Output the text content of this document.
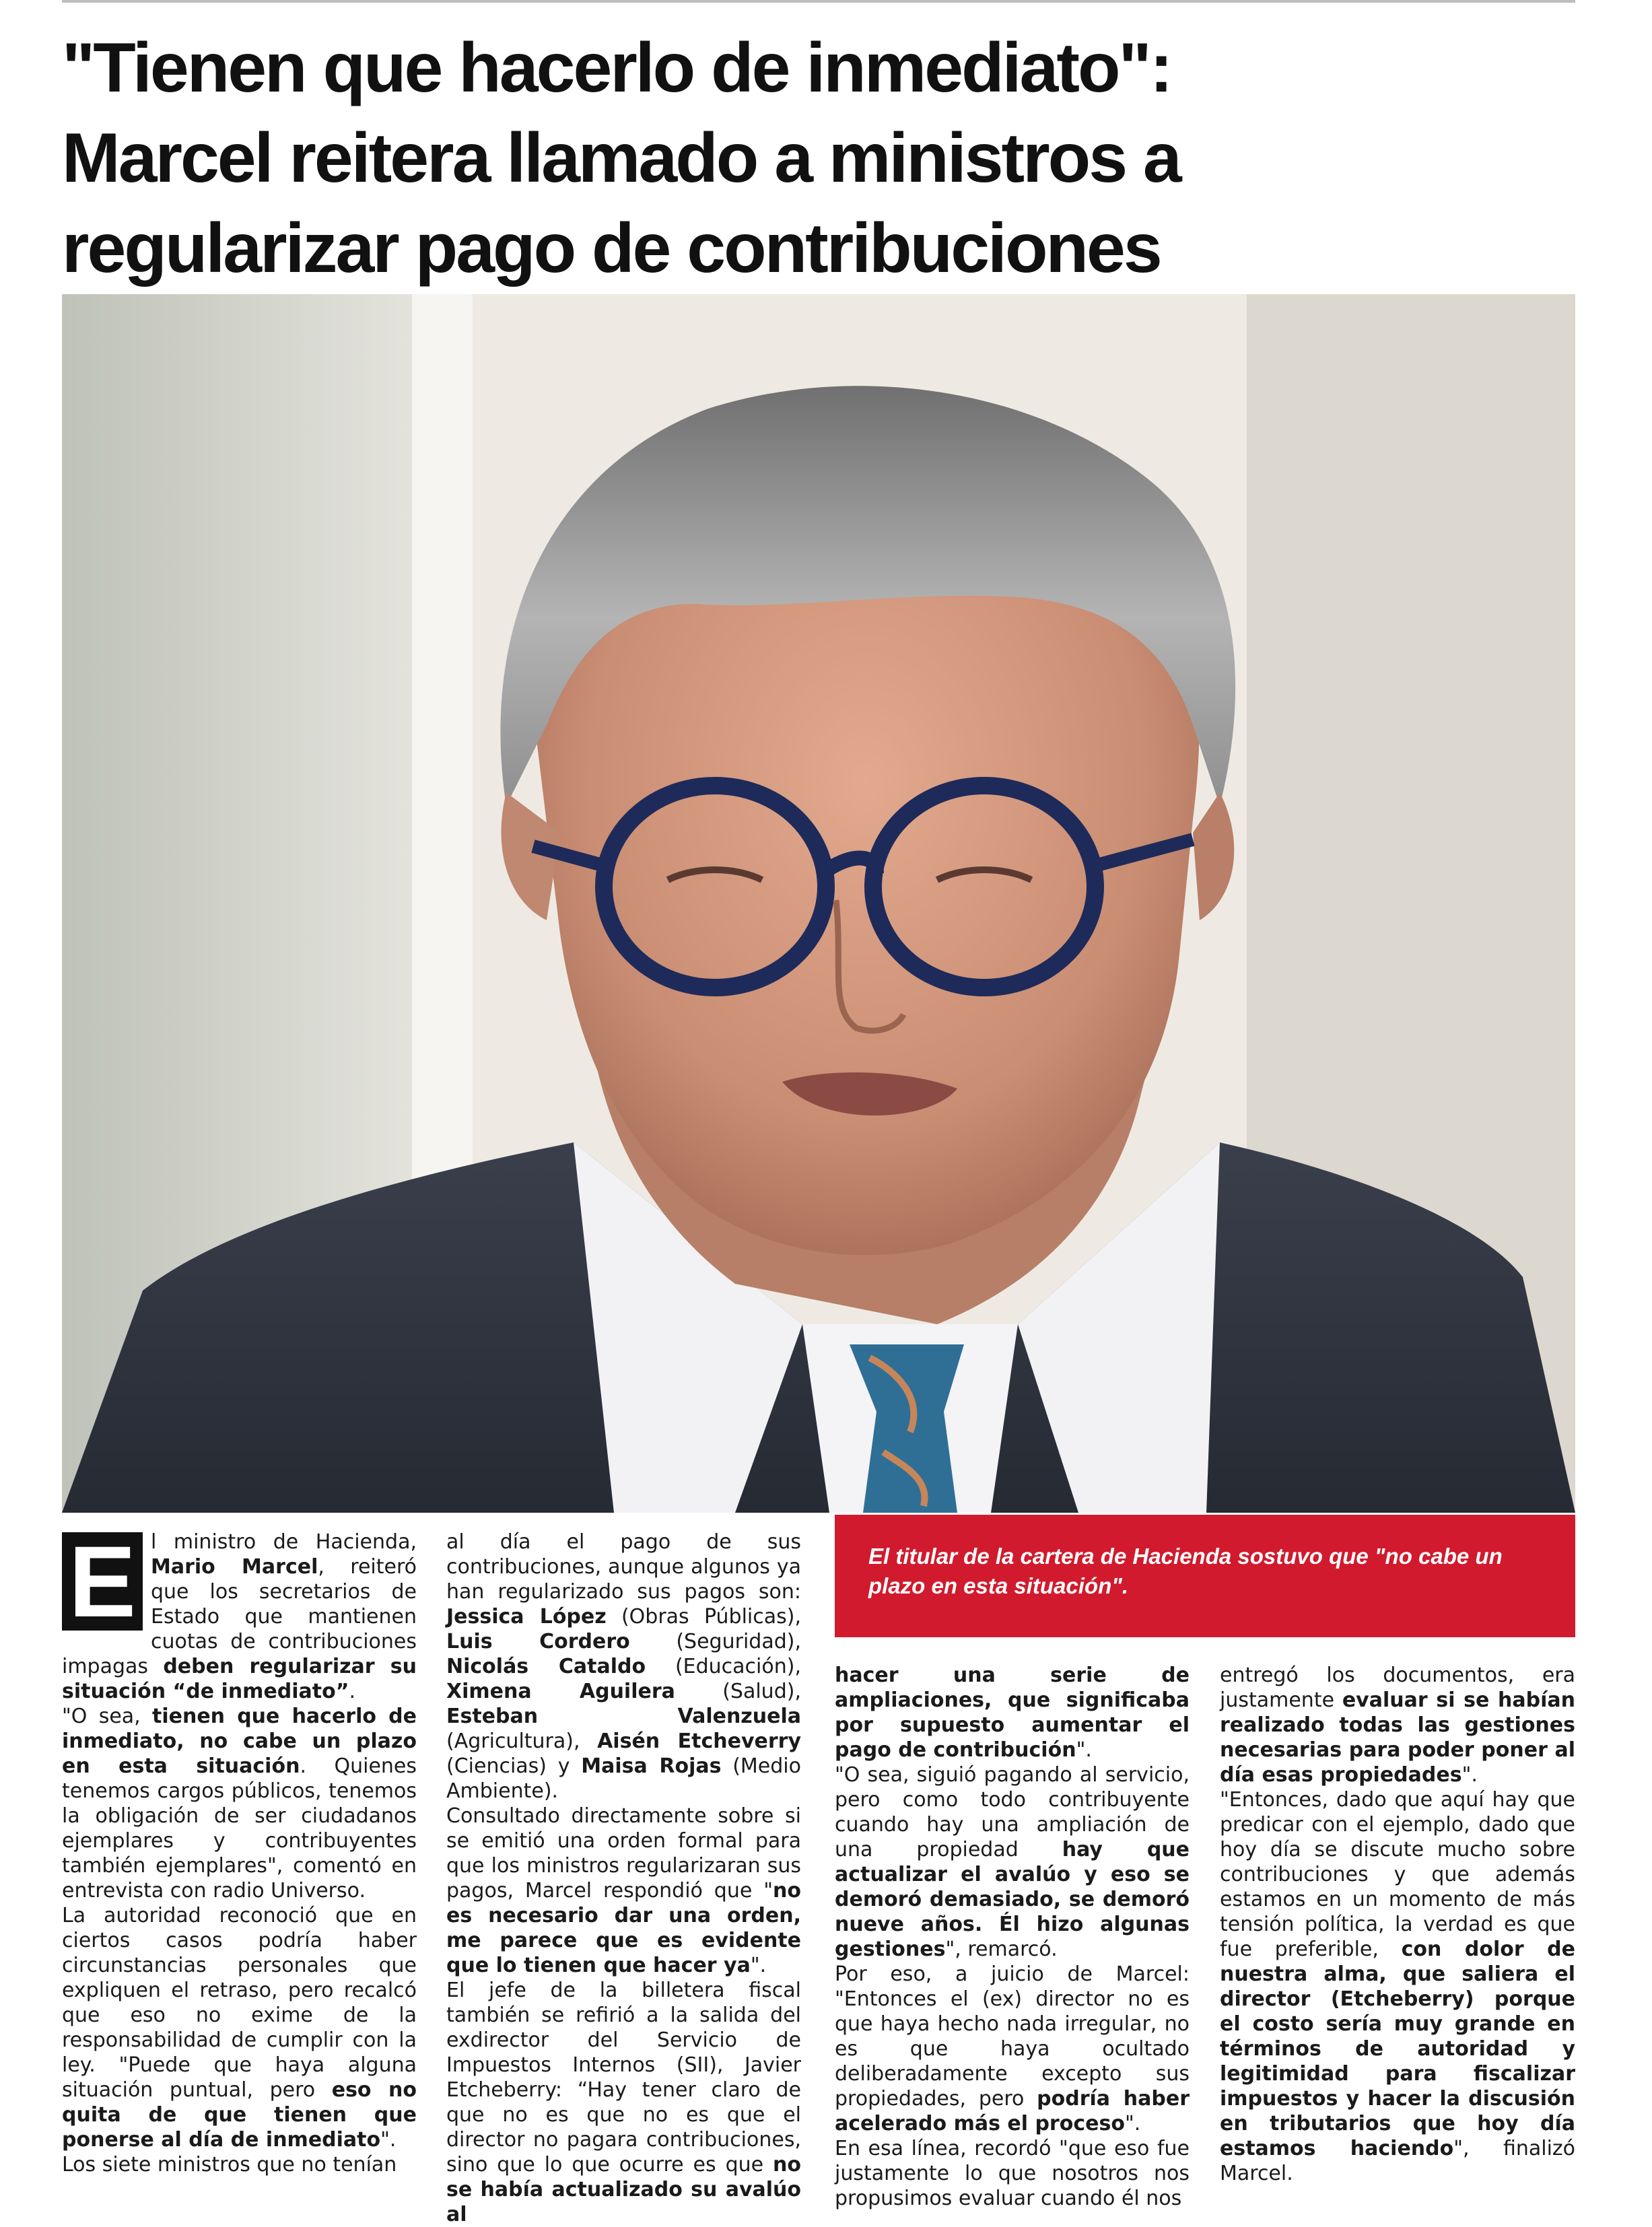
"Tienen que hacerlo de inmediato":
Marcel reitera llamado a ministros a
regularizar pago de contribuciones
E l ministro de Hacienda, Mario Marcel, reiteró que los secretarios de Estado que mantienen cuotas de contribuciones impagas deben regularizar su situación “de inmediato”.

"O sea, tienen que hacerlo de inmediato, no cabe un plazo en esta situación. Quienes tenemos cargos públicos, tenemos la obligación de ser ciudadanos ejemplares y contribuyentes también ejemplares", comentó en entrevista con radio Universo.

La autoridad reconoció que en ciertos casos podría haber circunstancias personales que expliquen el retraso, pero recalcó que eso no exime de la responsabilidad de cumplir con la ley. "Puede que haya alguna situación puntual, pero eso no quita de que tienen que ponerse al día de inmediato".

Los siete ministros que no tenían

al día el pago de sus contribuciones, aunque algunos ya han regularizado sus pagos son: Jessica López (Obras Públicas), Luis Cordero (Seguridad), Nicolás Cataldo (Educación), Ximena Aguilera (Salud), Esteban Valenzuela (Agricultura), Aisén Etcheverry (Ciencias) y Maisa Rojas (Medio Ambiente).

Consultado directamente sobre si se emitió una orden formal para que los ministros regularizaran sus pagos, Marcel respondió que "no es necesario dar una orden, me parece que es evidente que lo tienen que hacer ya".

El jefe de la billetera fiscal también se refirió a la salida del exdirector del Servicio de Impuestos Internos (SII), Javier Etcheberry: “Hay tener claro de que no es que no es que el director no pagara contribuciones, sino que lo que ocurre es que no se había actualizado su avalúo al

El titular de la cartera de Hacienda sostuvo que "no cabe un plazo en esta situación".

hacer una serie de ampliaciones, que significaba por supuesto aumentar el pago de contribución".

"O sea, siguió pagando al servicio, pero como todo contribuyente cuando hay una ampliación de una propiedad hay que actualizar el avalúo y eso se demoró demasiado, se demoró nueve años. Él hizo algunas gestiones", remarcó.

Por eso, a juicio de Marcel: "Entonces el (ex) director no es que haya hecho nada irregular, no es que haya ocultado deliberadamente excepto sus propiedades, pero podría haber acelerado más el proceso".

En esa línea, recordó "que eso fue justamente lo que nosotros nos propusimos evaluar cuando él nos

entregó los documentos, era justamente evaluar si se habían realizado todas las gestiones necesarias para poder poner al día esas propiedades".

"Entonces, dado que aquí hay que predicar con el ejemplo, dado que hoy día se discute mucho sobre contribuciones y que además estamos en un momento de más tensión política, la verdad es que fue preferible, con dolor de nuestra alma, que saliera el director (Etcheberry) porque el costo sería muy grande en términos de autoridad y legitimidad para fiscalizar impuestos y hacer la discusión en tributarios que hoy día estamos haciendo", finalizó Marcel.
